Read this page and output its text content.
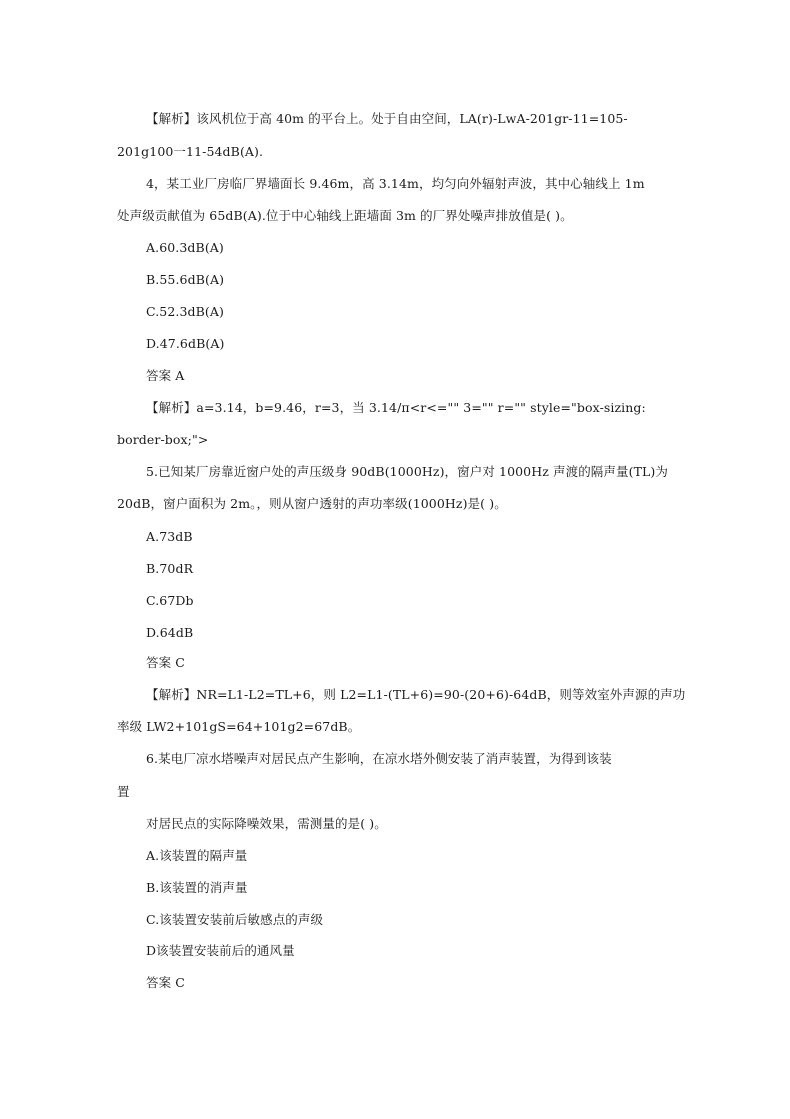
【解析】该风机位于高 40m 的平台上。处于自由空间，LA(r)-LwA-201gr-11=105-
201g100一11-54dB(A).
4，某工业厂房临厂界墙面长 9.46m，高 3.14m，均匀向外辐射声波，其中心轴线上 1m
处声级贡献值为 65dB(A).位于中心轴线上距墙面 3m 的厂界处噪声排放值是( )。
A.60.3dB(A)
B.55.6dB(A)
C.52.3dB(A)
D.47.6dB(A)
答案 A
【解析】a=3.14，b=9.46，r=3，当 3.14/π<r<="" 3="" r="" style="box-sizing:
border-box;">
5.已知某厂房靠近窗户处的声压级身 90dB(1000Hz)，窗户对 1000Hz 声渡的隔声量(TL)为
20dB，窗户面积为 2m。，则从窗户透射的声功率级(1000Hz)是( )。
A.73dB
B.70dR
C.67Db
D.64dB
答案 C
【解析】NR=L1-L2=TL+6，则 L2=L1-(TL+6)=90-(20+6)-64dB，则等效室外声源的声功
率级 LW2+101gS=64+101g2=67dB。
6.某电厂凉水塔噪声对居民点产生影响，在凉水塔外侧安装了消声装置，为得到该装
置
对居民点的实际降噪效果，需测量的是( )。
A.该装置的隔声量
B.该装置的消声量
C.该装置安装前后敏感点的声级
D该装置安装前后的通风量
答案 C
